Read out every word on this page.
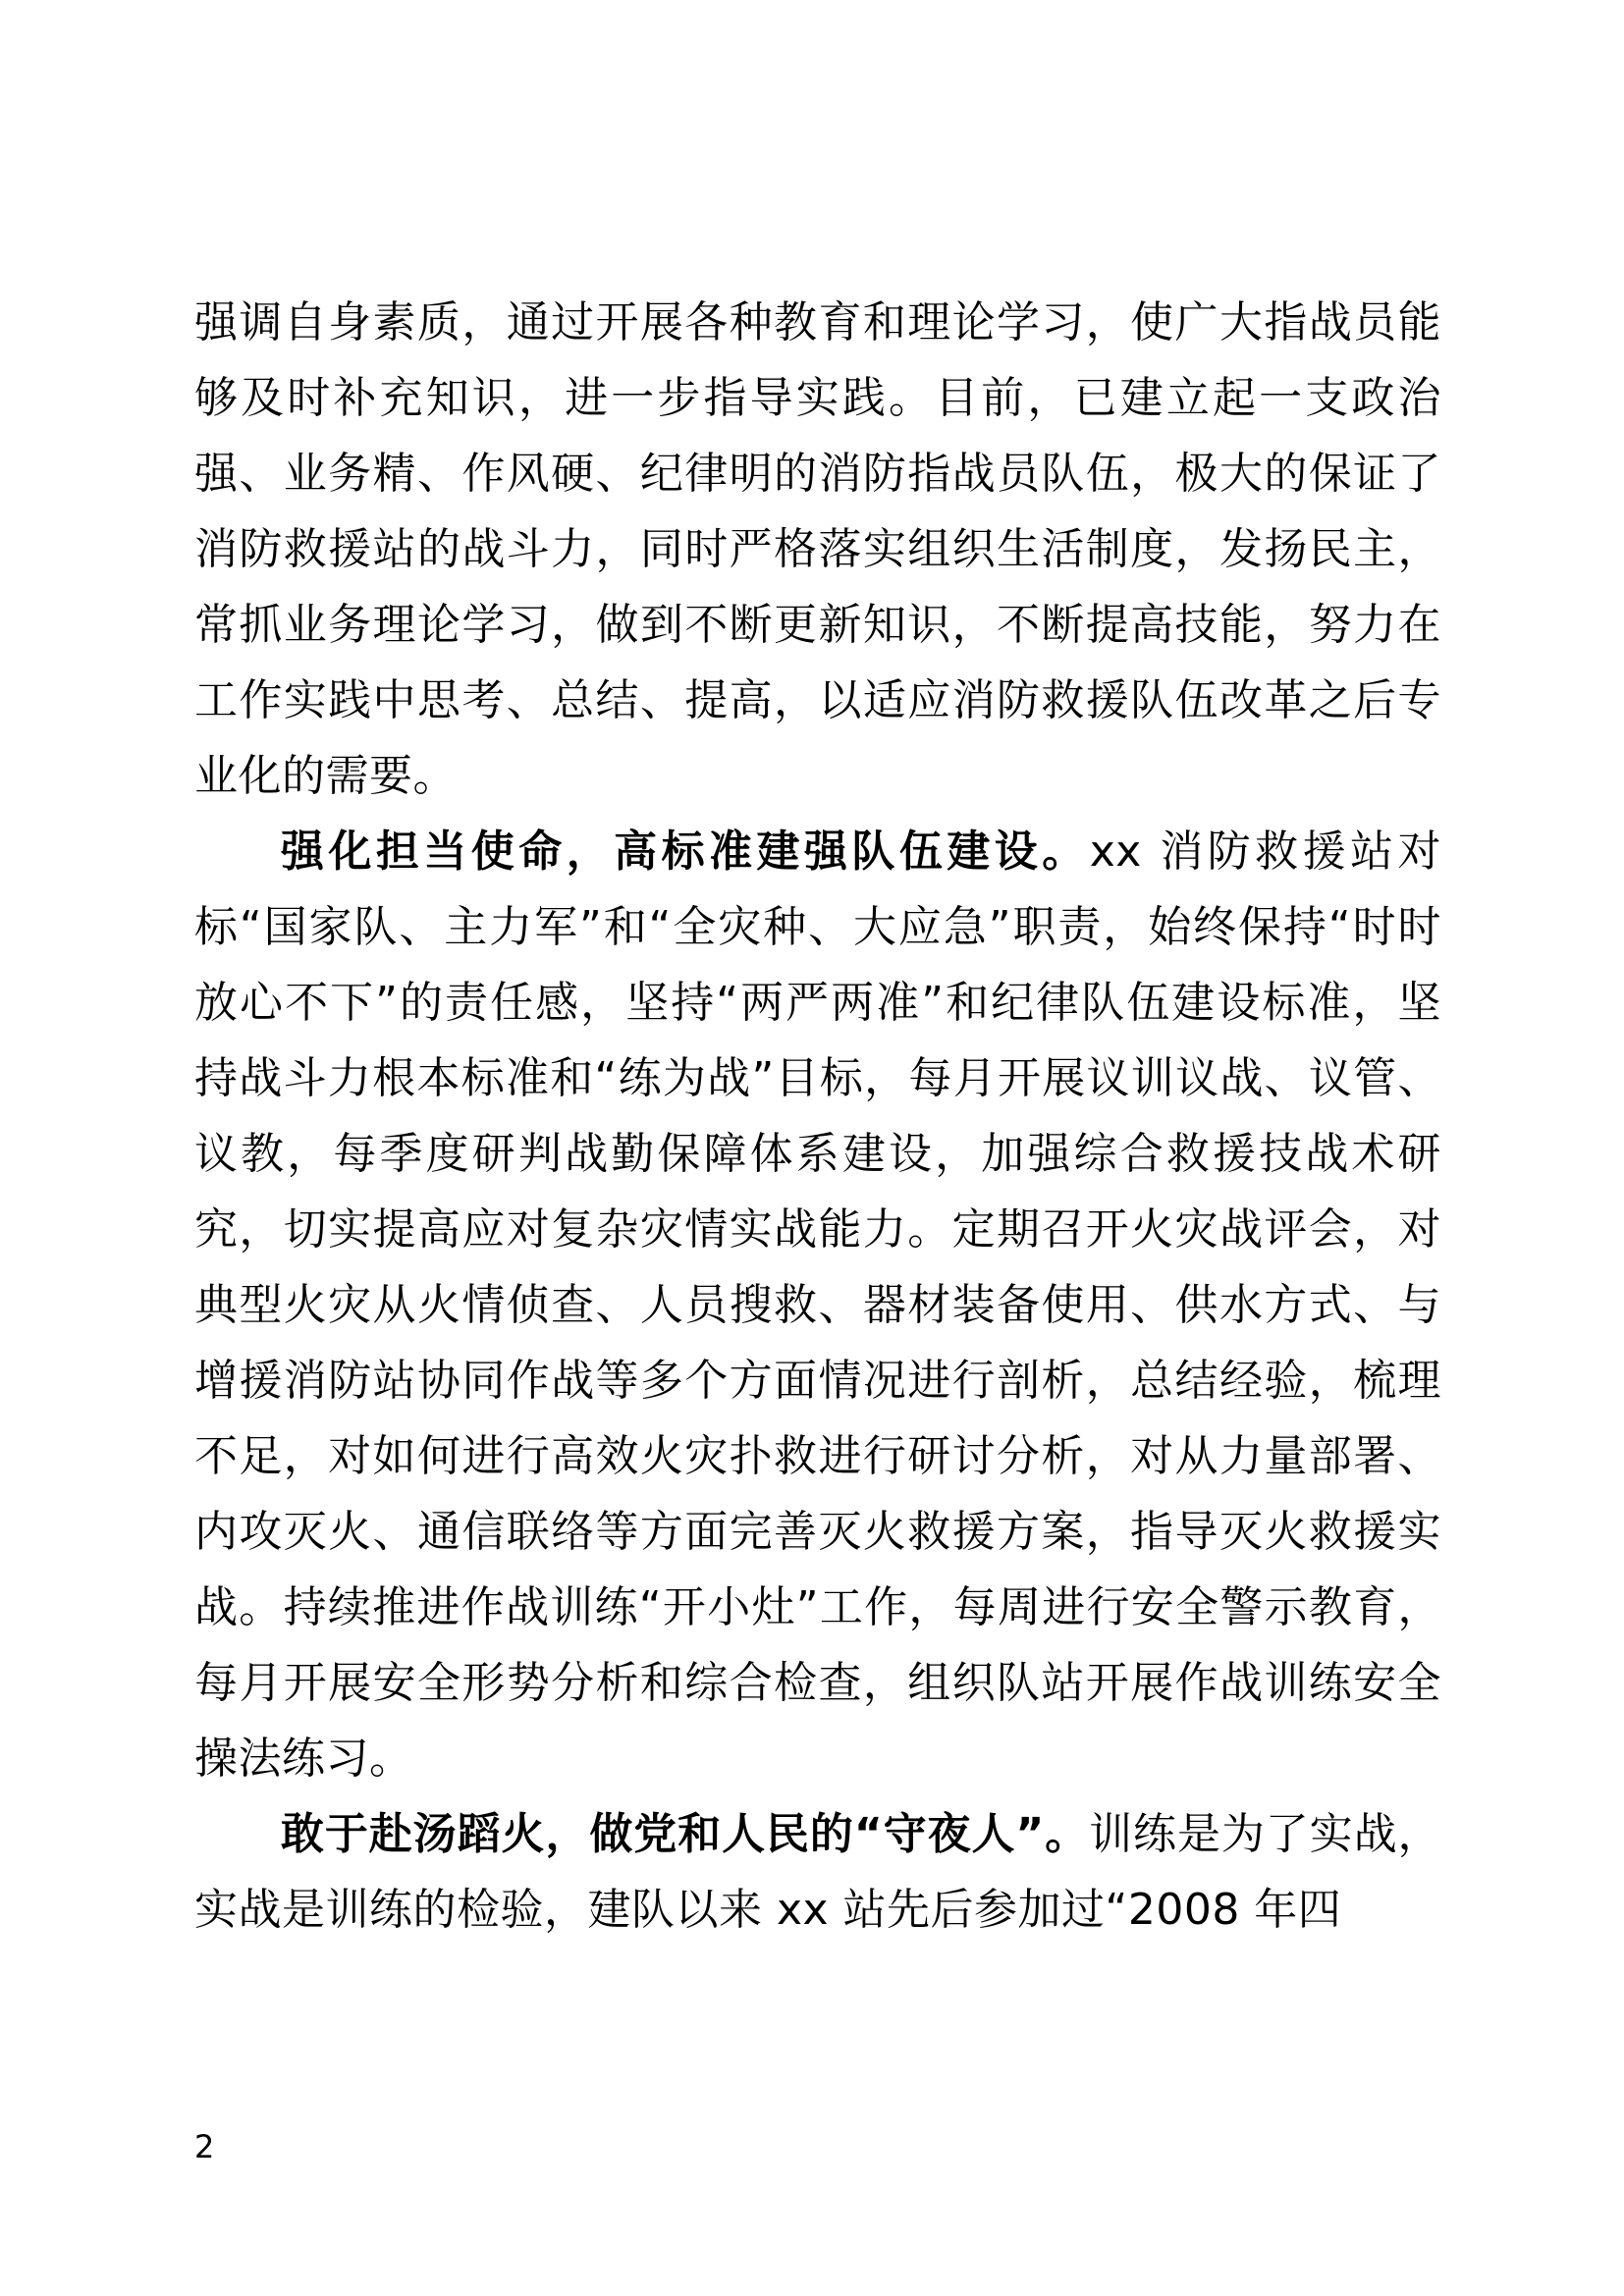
强调自身素质，通过开展各种教育和理论学习，使广大指战员能够及时补充知识，进一步指导实践。目前，已建立起一支政治强、业务精、作风硬、纪律明的消防指战员队伍，极大的保证了消防救援站的战斗力，同时严格落实组织生活制度，发扬民主，常抓业务理论学习，做到不断更新知识，不断提高技能，努力在工作实践中思考、总结、提高，以适应消防救援队伍改革之后专业化的需要。

强化担当使命，高标准建强队伍建设。xx 消防救援站对标“国家队、主力军”和“全灾种、大应急”职责，始终保持“时时放心不下”的责任感，坚持“两严两准”和纪律队伍建设标准，坚持战斗力根本标准和“练为战”目标，每月开展议训议战、议管、议教，每季度研判战勤保障体系建设，加强综合救援技战术研究，切实提高应对复杂灾情实战能力。定期召开火灾战评会，对典型火灾从火情侦查、人员搜救、器材装备使用、供水方式、与增援消防站协同作战等多个方面情况进行剖析，总结经验，梳理不足，对如何进行高效火灾扑救进行研讨分析，对从力量部署、内攻灭火、通信联络等方面完善灭火救援方案，指导灭火救援实战。持续推进作战训练“开小灶”工作，每周进行安全警示教育，每月开展安全形势分析和综合检查，组织队站开展作战训练安全操法练习。

敢于赴汤蹈火，做党和人民的“守夜人”。训练是为了实战，实战是训练的检验，建队以来 xx 站先后参加过“2008 年四

2
